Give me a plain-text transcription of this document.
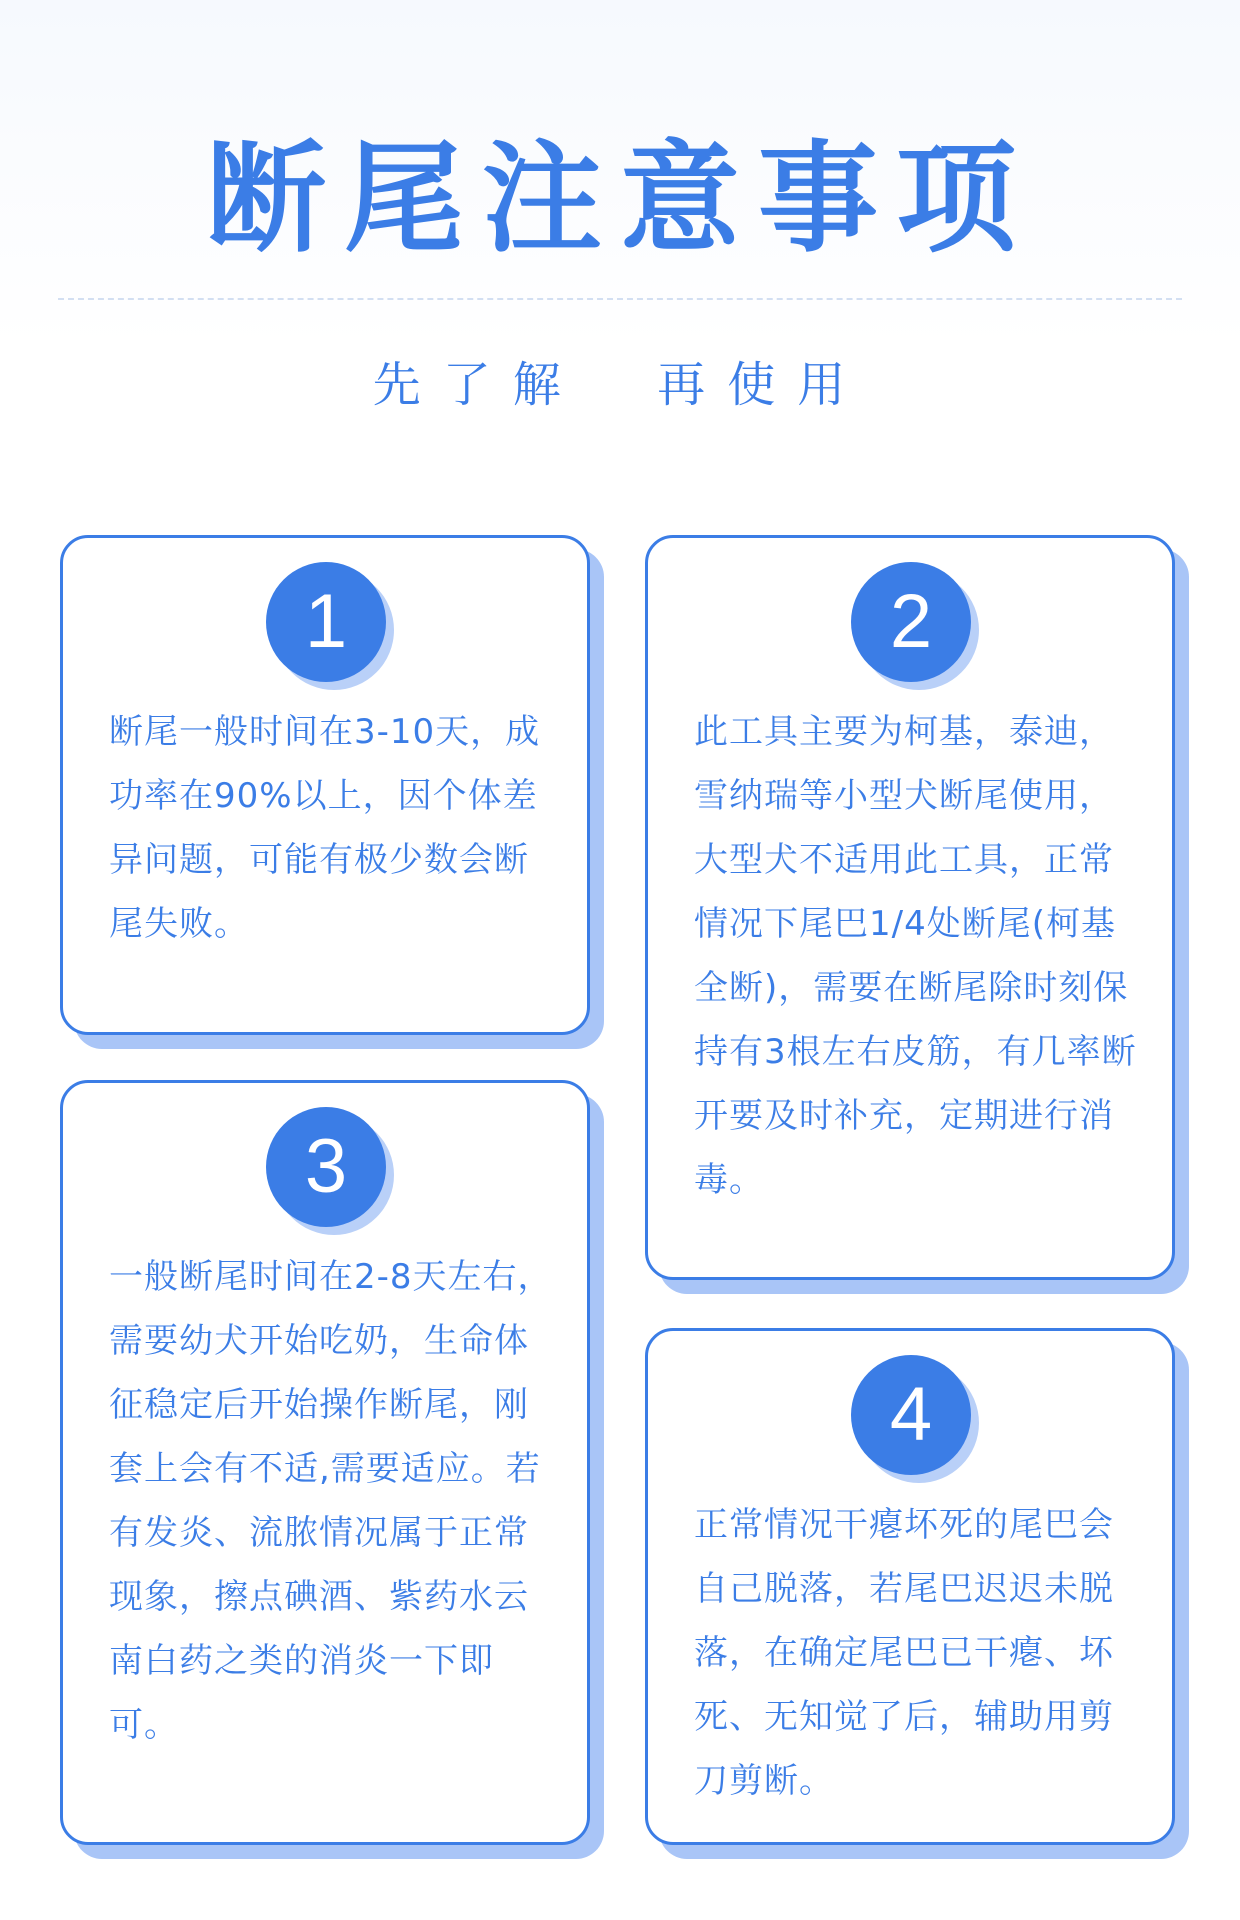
断尾注意事项
先了解  再使用
1
断尾一般时间在3-10天，成功率在90%以上，因个体差异问题，可能有极少数会断尾失败。
2
此工具主要为柯基，泰迪，雪纳瑞等小型犬断尾使用，大型犬不适用此工具，正常情况下尾巴1/4处断尾(柯基全断)，需要在断尾除时刻保持有3根左右皮筋，有几率断开要及时补充，定期进行消毒。
3
一般断尾时间在2-8天左右，需要幼犬开始吃奶，生命体征稳定后开始操作断尾，刚套上会有不适,需要适应。若有发炎、流脓情况属于正常现象，擦点碘酒、紫药水云南白药之类的消炎一下即可。
4
正常情况干瘪坏死的尾巴会自己脱落，若尾巴迟迟未脱落，在确定尾巴已干瘪、坏死、无知觉了后，辅助用剪刀剪断。
